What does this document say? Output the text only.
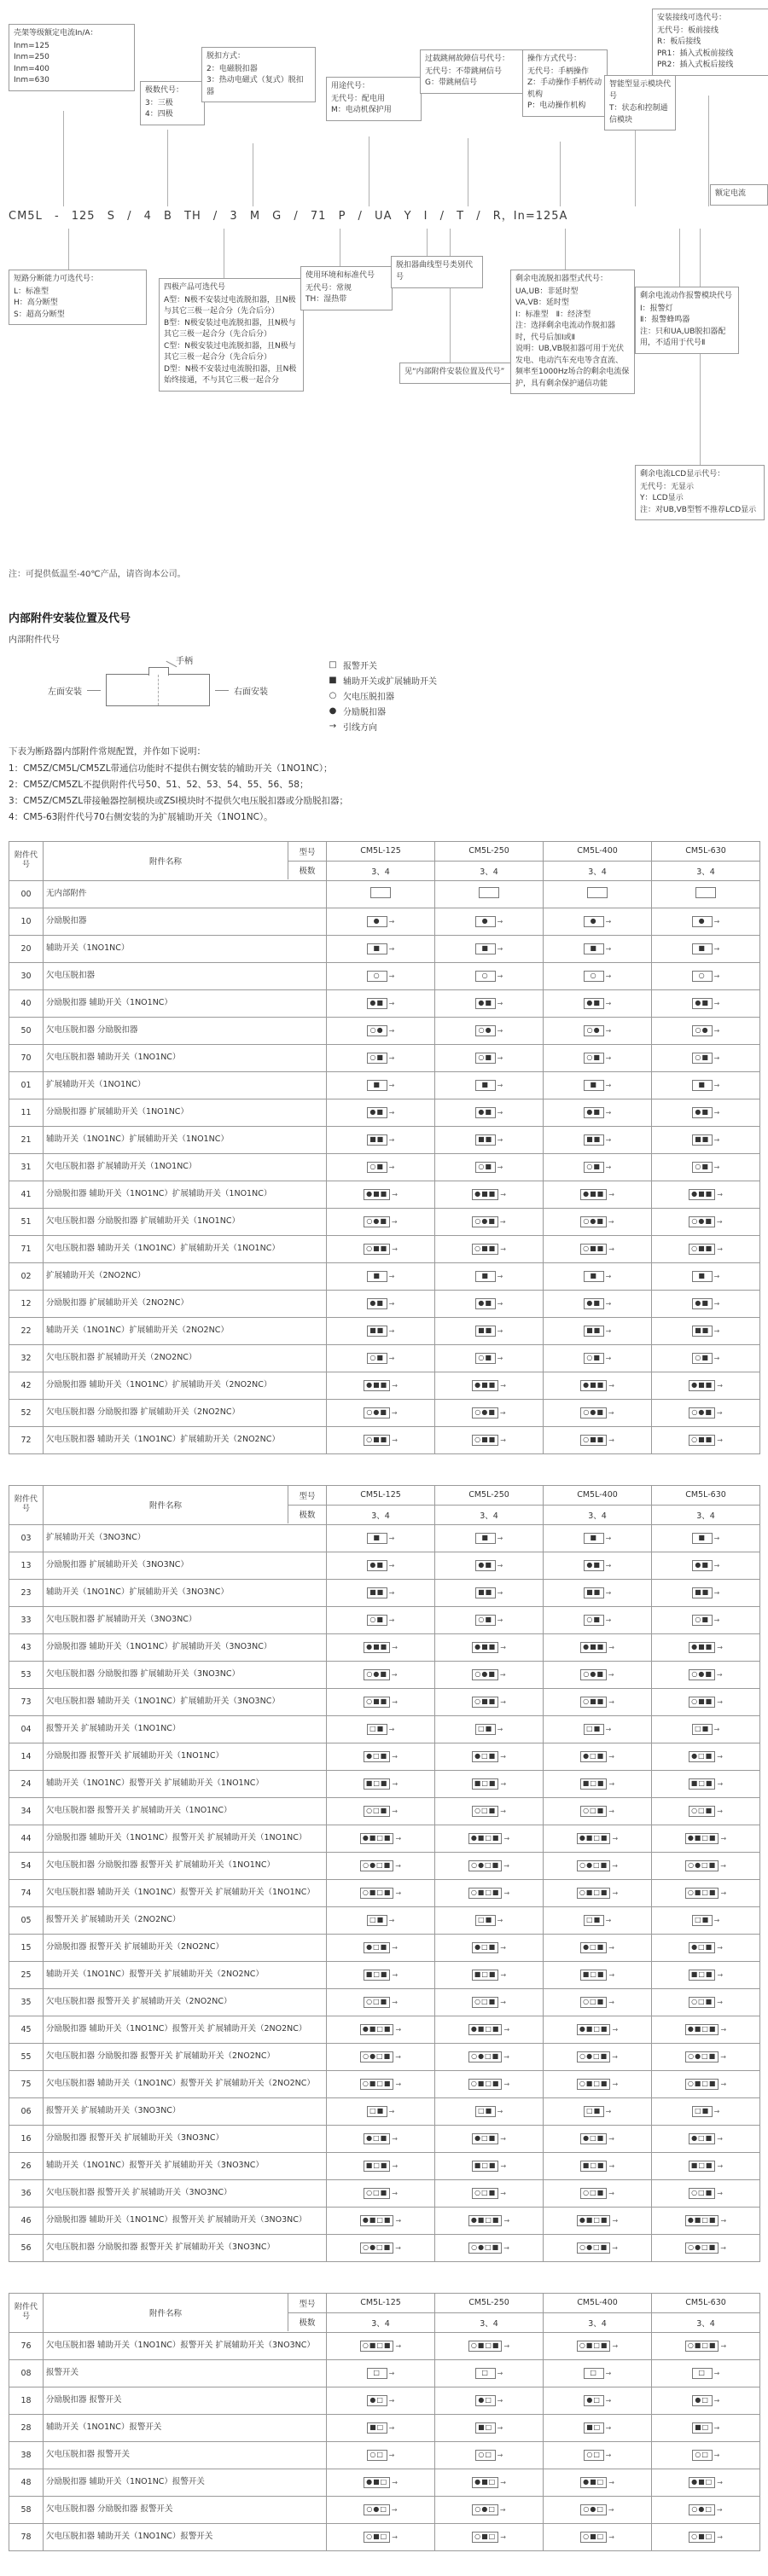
壳架等级额定电流In/A：
Inm=125
Inm=250
Inm=400
Inm=630
极数代号：
3：三极
4：四极
脱扣方式：
2：电磁脱扣器
3：热动电磁式（复式）脱扣器
用途代号：
无代号：配电用
M：电动机保护用
过载跳闸故障信号代号：
无代号：不带跳闸信号
G：带跳闸信号
操作方式代号：
无代号：手柄操作
Z：手动操作手柄传动机构
P：电动操作机构
智能型显示模块代号
T：状态和控制通信模块
安装接线可选代号：
无代号：板前接线
R：板后接线
PR1：插入式板前接线
PR2：插入式板后接线
CM5L - 125 S / 4 B TH / 3 M G / 71 P / UA Y I / T / R，In=125A
额定电流
短路分断能力可选代号：
L：标准型
H：高分断型
S：超高分断型
四极产品可选代号
A型：N极不安装过电流脱扣器，且N极与其它三极一起合分（先合后分）
B型：N极安装过电流脱扣器，且N极与其它三极一起合分（先合后分）
C型：N极安装过电流脱扣器，且N极与其它三极一起合分（先合后分）
D型：N极不安装过电流脱扣器，且N极始终接通，不与其它三极一起合分
使用环境和标准代号
无代号：常规
TH：湿热带
脱扣器曲线型号类别代号
见“内部附件安装位置及代号”
剩余电流脱扣器型式代号：
UA,UB：非延时型
VA,VB：延时型
Ⅰ：标准型　Ⅱ：经济型
注：选择剩余电流动作脱扣器时，代号后加Ⅰ或Ⅱ
说明：UB,VB脱扣器可用于光伏发电、电动汽车充电等含直流、频率至1000Hz场合的剩余电流保护，具有剩余保护通信功能
剩余电流动作报警模块代号
Ⅰ：报警灯
Ⅱ：报警蜂鸣器
注：只和UA,UB脱扣器配用，不适用于代号Ⅱ
剩余电流LCD显示代号：
无代号：无显示
Y：LCD显示
注：对UB,VB型暂不推荐LCD显示
注：可提供低温至-40℃产品，请咨询本公司。
内部附件安装位置及代号
内部附件代号
手柄
左面安装	右面安装
□ 报警开关
■ 辅助开关或扩展辅助开关
○ 欠电压脱扣器
● 分励脱扣器
→ 引线方向
下表为断路器内部附件常规配置，并作如下说明：
1：CM5Z/CM5L/CM5ZL带通信功能时不提供右侧安装的辅助开关（1NO1NC）；
2：CM5Z/CM5ZL不提供附件代号50、51、52、53、54、55、56、58；
3：CM5Z/CM5ZL带接触器控制模块或ZSI模块时不提供欠电压脱扣器或分励脱扣器；
4：CM5-63附件代号70右侧安装的为扩展辅助开关（1NO1NC）。
附件代号	附件名称
型号
极数	CM5L-125	CM5L-250	CM5L-400	CM5L-630
		3、4	3、4	3、4	3、4
00	无内部附件	

10	分励脱扣器	● →	● →	● →	● →

20	辅助开关（1NO1NC）	■ →	■ →	■ →	■ →

30	欠电压脱扣器	○ →	○ →	○ →	○ →

40	分励脱扣器 辅助开关（1NO1NC）	●■ →	●■ →	●■ →	●■ →

50	欠电压脱扣器 分励脱扣器	○● →	○● →	○● →	○● →

70	欠电压脱扣器 辅助开关（1NO1NC）	○■ →	○■ →	○■ →	○■ →

01	扩展辅助开关（1NO1NC）	■ →	■ →	■ →	■ →

11	分励脱扣器 扩展辅助开关（1NO1NC）	●■ →	●■ →	●■ →	●■ →

21	辅助开关（1NO1NC）扩展辅助开关（1NO1NC）	■■ →	■■ →	■■ →	■■ →

31	欠电压脱扣器 扩展辅助开关（1NO1NC）	○■ →	○■ →	○■ →	○■ →

41	分励脱扣器 辅助开关（1NO1NC）扩展辅助开关（1NO1NC）	●■■ →	●■■ →	●■■ →	●■■ →

51	欠电压脱扣器 分励脱扣器 扩展辅助开关（1NO1NC）	○●■ →	○●■ →	○●■ →	○●■ →

71	欠电压脱扣器 辅助开关（1NO1NC）扩展辅助开关（1NO1NC）	○■■ →	○■■ →	○■■ →	○■■ →

02	扩展辅助开关（2NO2NC）	■ →	■ →	■ →	■ →

12	分励脱扣器 扩展辅助开关（2NO2NC）	●■ →	●■ →	●■ →	●■ →

22	辅助开关（1NO1NC）扩展辅助开关（2NO2NC）	■■ →	■■ →	■■ →	■■ →

32	欠电压脱扣器 扩展辅助开关（2NO2NC）	○■ →	○■ →	○■ →	○■ →

42	分励脱扣器 辅助开关（1NO1NC）扩展辅助开关（2NO2NC）	●■■ →	●■■ →	●■■ →	●■■ →

52	欠电压脱扣器 分励脱扣器 扩展辅助开关（2NO2NC）	○●■ →	○●■ →	○●■ →	○●■ →

72	欠电压脱扣器 辅助开关（1NO1NC）扩展辅助开关（2NO2NC）	○■■ →	○■■ →	○■■ →	○■■ →
附件代号	附件名称
型号
极数	CM5L-125	CM5L-250	CM5L-400	CM5L-630
		3、4	3、4	3、4	3、4
03	扩展辅助开关（3NO3NC）	■ →	■ →	■ →	■ →

13	分励脱扣器 扩展辅助开关（3NO3NC）	●■ →	●■ →	●■ →	●■ →

23	辅助开关（1NO1NC）扩展辅助开关（3NO3NC）	■■ →	■■ →	■■ →	■■ →

33	欠电压脱扣器 扩展辅助开关（3NO3NC）	○■ →	○■ →	○■ →	○■ →

43	分励脱扣器 辅助开关（1NO1NC）扩展辅助开关（3NO3NC）	●■■ →	●■■ →	●■■ →	●■■ →

53	欠电压脱扣器 分励脱扣器 扩展辅助开关（3NO3NC）	○●■ →	○●■ →	○●■ →	○●■ →

73	欠电压脱扣器 辅助开关（1NO1NC）扩展辅助开关（3NO3NC）	○■■ →	○■■ →	○■■ →	○■■ →

04	报警开关 扩展辅助开关（1NO1NC）	□■ →	□■ →	□■ →	□■ →

14	分励脱扣器 报警开关 扩展辅助开关（1NO1NC）	●□■ →	●□■ →	●□■ →	●□■ →

24	辅助开关（1NO1NC）报警开关 扩展辅助开关（1NO1NC）	■□■ →	■□■ →	■□■ →	■□■ →

34	欠电压脱扣器 报警开关 扩展辅助开关（1NO1NC）	○□■ →	○□■ →	○□■ →	○□■ →

44	分励脱扣器 辅助开关（1NO1NC）报警开关 扩展辅助开关（1NO1NC）	●■□■ →	●■□■ →	●■□■ →	●■□■ →

54	欠电压脱扣器 分励脱扣器 报警开关 扩展辅助开关（1NO1NC）	○●□■ →	○●□■ →	○●□■ →	○●□■ →

74	欠电压脱扣器 辅助开关（1NO1NC）报警开关 扩展辅助开关（1NO1NC）	○■□■ →	○■□■ →	○■□■ →	○■□■ →

05	报警开关 扩展辅助开关（2NO2NC）	□■ →	□■ →	□■ →	□■ →

15	分励脱扣器 报警开关 扩展辅助开关（2NO2NC）	●□■ →	●□■ →	●□■ →	●□■ →

25	辅助开关（1NO1NC）报警开关 扩展辅助开关（2NO2NC）	■□■ →	■□■ →	■□■ →	■□■ →

35	欠电压脱扣器 报警开关 扩展辅助开关（2NO2NC）	○□■ →	○□■ →	○□■ →	○□■ →

45	分励脱扣器 辅助开关（1NO1NC）报警开关 扩展辅助开关（2NO2NC）	●■□■ →	●■□■ →	●■□■ →	●■□■ →

55	欠电压脱扣器 分励脱扣器 报警开关 扩展辅助开关（2NO2NC）	○●□■ →	○●□■ →	○●□■ →	○●□■ →

75	欠电压脱扣器 辅助开关（1NO1NC）报警开关 扩展辅助开关（2NO2NC）	○■□■ →	○■□■ →	○■□■ →	○■□■ →

06	报警开关 扩展辅助开关（3NO3NC）	□■ →	□■ →	□■ →	□■ →

16	分励脱扣器 报警开关 扩展辅助开关（3NO3NC）	●□■ →	●□■ →	●□■ →	●□■ →

26	辅助开关（1NO1NC）报警开关 扩展辅助开关（3NO3NC）	■□■ →	■□■ →	■□■ →	■□■ →

36	欠电压脱扣器 报警开关 扩展辅助开关（3NO3NC）	○□■ →	○□■ →	○□■ →	○□■ →

46	分励脱扣器 辅助开关（1NO1NC）报警开关 扩展辅助开关（3NO3NC）	●■□■ →	●■□■ →	●■□■ →	●■□■ →

56	欠电压脱扣器 分励脱扣器 报警开关 扩展辅助开关（3NO3NC）	○●□■ →	○●□■ →	○●□■ →	○●□■ →
附件代号	附件名称
型号
极数	CM5L-125	CM5L-250	CM5L-400	CM5L-630
		3、4	3、4	3、4	3、4
76	欠电压脱扣器 辅助开关（1NO1NC）报警开关 扩展辅助开关（3NO3NC）	○■□■ →	○■□■ →	○■□■ →	○■□■ →

08	报警开关	□ →	□ →	□ →	□ →

18	分励脱扣器 报警开关	●□ →	●□ →	●□ →	●□ →

28	辅助开关（1NO1NC）报警开关	■□ →	■□ →	■□ →	■□ →

38	欠电压脱扣器 报警开关	○□ →	○□ →	○□ →	○□ →

48	分励脱扣器 辅助开关（1NO1NC）报警开关	●■□ →	●■□ →	●■□ →	●■□ →

58	欠电压脱扣器 分励脱扣器 报警开关	○●□ →	○●□ →	○●□ →	○●□ →

78	欠电压脱扣器 辅助开关（1NO1NC）报警开关	○■□ →	○■□ →	○■□ →	○■□ →
